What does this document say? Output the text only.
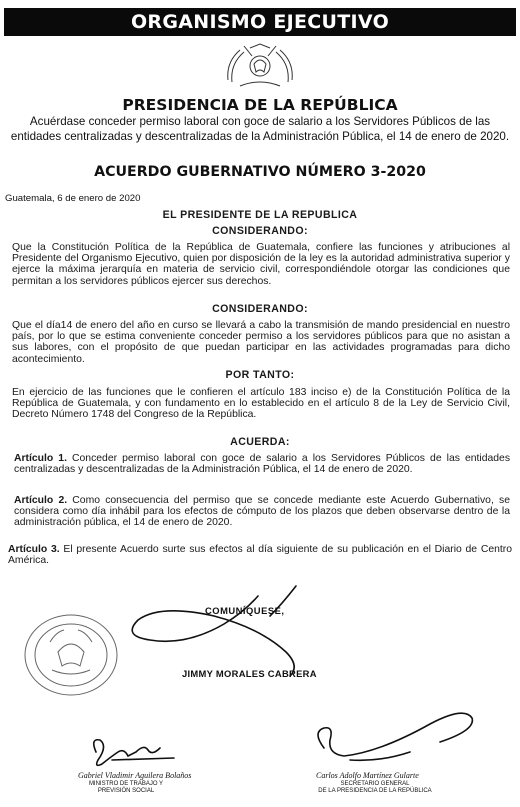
ORGANISMO EJECUTIVO
PRESIDENCIA DE LA REPÚBLICA
Acuérdase conceder permiso laboral con goce de salario a los Servidores Públicos de las entidades centralizadas y descentralizadas de la Administración Pública, el 14 de enero de 2020.
ACUERDO GUBERNATIVO NÚMERO 3-2020
Guatemala, 6 de enero de 2020
EL PRESIDENTE DE LA REPUBLICA
CONSIDERANDO:
Que la Constitución Política de la República de Guatemala, confiere las funciones y atribuciones al Presidente del Organismo Ejecutivo, quien por disposición de la ley es la autoridad administrativa superior y ejerce la máxima jerarquía en materia de servicio civil, correspondiéndole otorgar las condiciones que permitan a los servidores públicos ejercer sus derechos.
CONSIDERANDO:
Que el día14 de enero del año en curso se llevará a cabo la transmisión de mando presidencial en nuestro país, por lo que se estima conveniente conceder permiso a los servidores públicos para que no asistan a sus labores, con el propósito de que puedan participar en las actividades programadas para dicho acontecimiento.
POR TANTO:
En ejercicio de las funciones que le confieren el artículo 183 inciso e) de la Constitución Política de la República de Guatemala, y con fundamento en lo establecido en el artículo 8 de la Ley de Servicio Civil, Decreto Número 1748 del Congreso de la República.
ACUERDA:
Artículo 1. Conceder permiso laboral con goce de salario a los Servidores Públicos de las entidades centralizadas y descentralizadas de la Administración Pública, el 14 de enero de 2020.
Artículo 2. Como consecuencia del permiso que se concede mediante este Acuerdo Gubernativo, se considera como día inhábil para los efectos de cómputo de los plazos que deben observarse dentro de la administración pública, el 14 de enero de 2020.
Artículo 3. El presente Acuerdo surte sus efectos al día siguiente de su publicación en el Diario de Centro América.
COMUNÍQUESE,
JIMMY MORALES CABRERA
Gabriel Vladimir Aguilera Bolaños
MINISTRO DE TRABAJO Y
PREVISIÓN SOCIAL
Carlos Adolfo Martínez Gularte
SECRETARIO GENERAL
DE LA PRESIDENCIA DE LA REPÚBLICA
